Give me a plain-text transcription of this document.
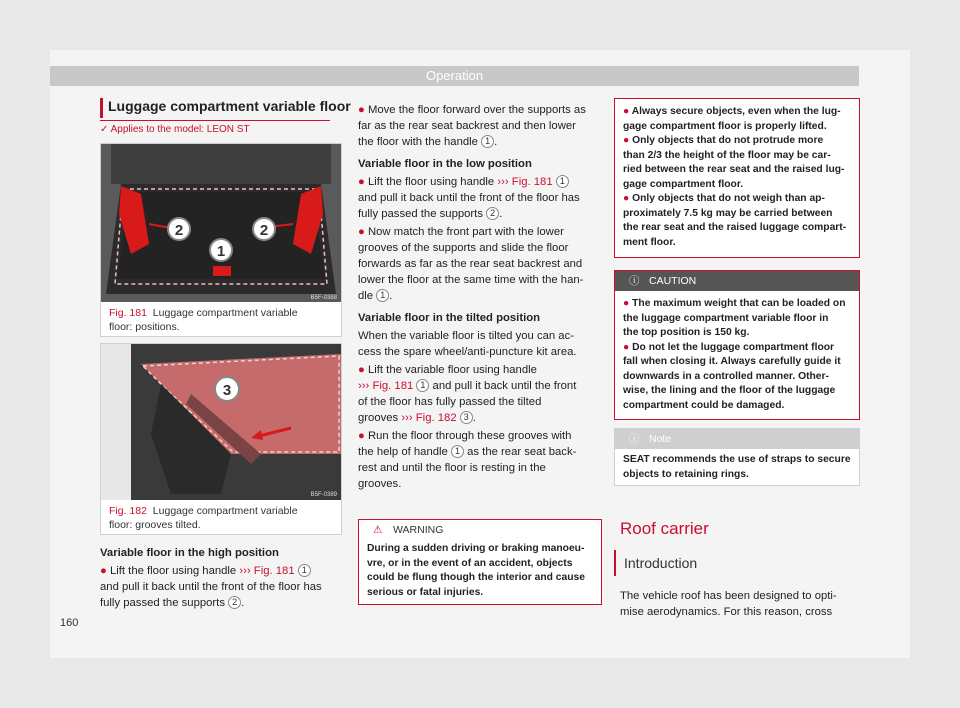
Operation
Luggage compartment variable floor
✓ Applies to the model: LEON ST
2	2
1
B5F-0388
Fig. 181 Luggage compartment variable
floor: positions.
3
B5F-0389
Fig. 182 Luggage compartment variable
floor: grooves tilted.

Variable floor in the high position

● Lift the floor using handle ››› Fig. 181 1
and pull it back until the front of the floor has
fully passed the supports 2 .

● Move the floor forward over the supports as
far as the rear seat backrest and then lower
the floor with the handle 1 .

Variable floor in the low position

● Lift the floor using handle ››› Fig. 181 1
and pull it back until the front of the floor has
fully passed the supports 2 .

● Now match the front part with the lower
grooves of the supports and slide the floor
forwards as far as the rear seat backrest and
lower the floor at the same time with the han-
dle 1 .

Variable floor in the tilted position

When the variable floor is tilted you can ac-
cess the spare wheel/anti-puncture kit area.

● Lift the variable floor using handle
››› Fig. 181 1 and pull it back until the front
of the floor has fully passed the tilted
grooves ››› Fig. 182 3 .

● Run the floor through these grooves with
the help of handle 1 as the rear seat back-
rest and until the floor is resting in the
grooves.

⚠ WARNING
During a sudden driving or braking manoeu-
vre, or in the event of an accident, objects
could be flung though the interior and cause
serious or fatal injuries.
● Always secure objects, even when the lug-
gage compartment floor is properly lifted.
● Only objects that do not protrude more
than 2/3 the height of the floor may be car-
ried between the rear seat and the raised lug-
gage compartment floor.
● Only objects that do not weigh than ap-
proximately 7.5 kg may be carried between
the rear seat and the raised luggage compart-
ment floor.
ⓘ CAUTION
● The maximum weight that can be loaded on
the luggage compartment variable floor in
the top position is 150 kg.
● Do not let the luggage compartment floor
fall when closing it. Always carefully guide it
downwards in a controlled manner. Other-
wise, the lining and the floor of the luggage
compartment could be damaged.
ⓘ Note
SEAT recommends the use of straps to secure
objects to retaining rings.
Roof carrier
Introduction
The vehicle roof has been designed to opti-
mise aerodynamics. For this reason, cross
160
